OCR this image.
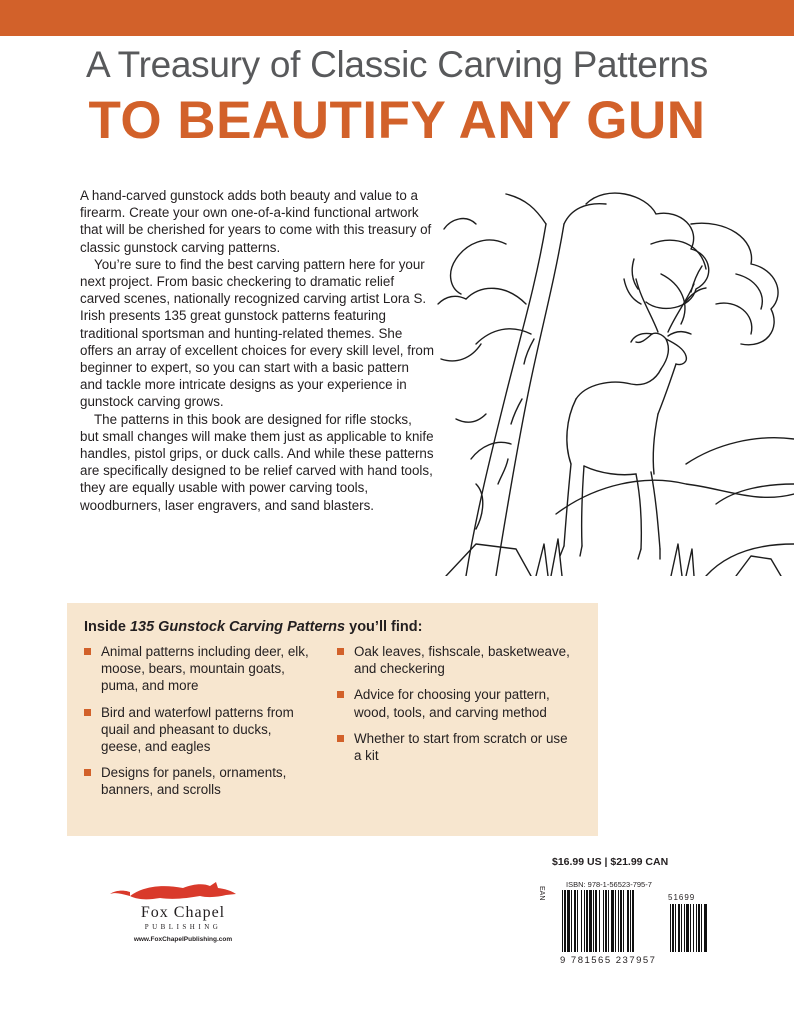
A Treasury of Classic Carving Patterns
TO BEAUTIFY ANY GUN

A hand-carved gunstock adds both beauty and value to a firearm. Create your own one-of-a-kind functional artwork that will be cherished for years to come with this treasury of classic gunstock carving patterns.

You’re sure to find the best carving pattern here for your next project. From basic checkering to dramatic relief carved scenes, nationally recognized carving artist Lora S. Irish presents 135 great gunstock patterns featuring traditional sportsman and hunting-related themes. She offers an array of excellent choices for every skill level, from beginner to expert, so you can start with a basic pattern and tackle more intricate designs as your experience in gunstock carving grows.

The patterns in this book are designed for rifle stocks, but small changes will make them just as applicable to knife handles, pistol grips, or duck calls. And while these patterns are specifically designed to be relief carved with hand tools, they are equally usable with power carving tools, woodburners, laser engravers, and sand blasters.

Inside 135 Gunstock Carving Patterns you’ll find:
Animal patterns including deer, elk, moose, bears, mountain goats, puma, and more
Bird and waterfowl patterns from quail and pheasant to ducks, geese, and eagles
Designs for panels, ornaments, banners, and scrolls
Oak leaves, fishscale, basketweave, and checkering
Advice for choosing your pattern, wood, tools, and carving method
Whether to start from scratch or use a kit
$16.99 US | $21.99 CAN
Fox Chapel
PUBLISHING
www.FoxChapelPublishing.com
EAN
ISBN: 978-1-56523-795-7
51699
9 781565 237957
